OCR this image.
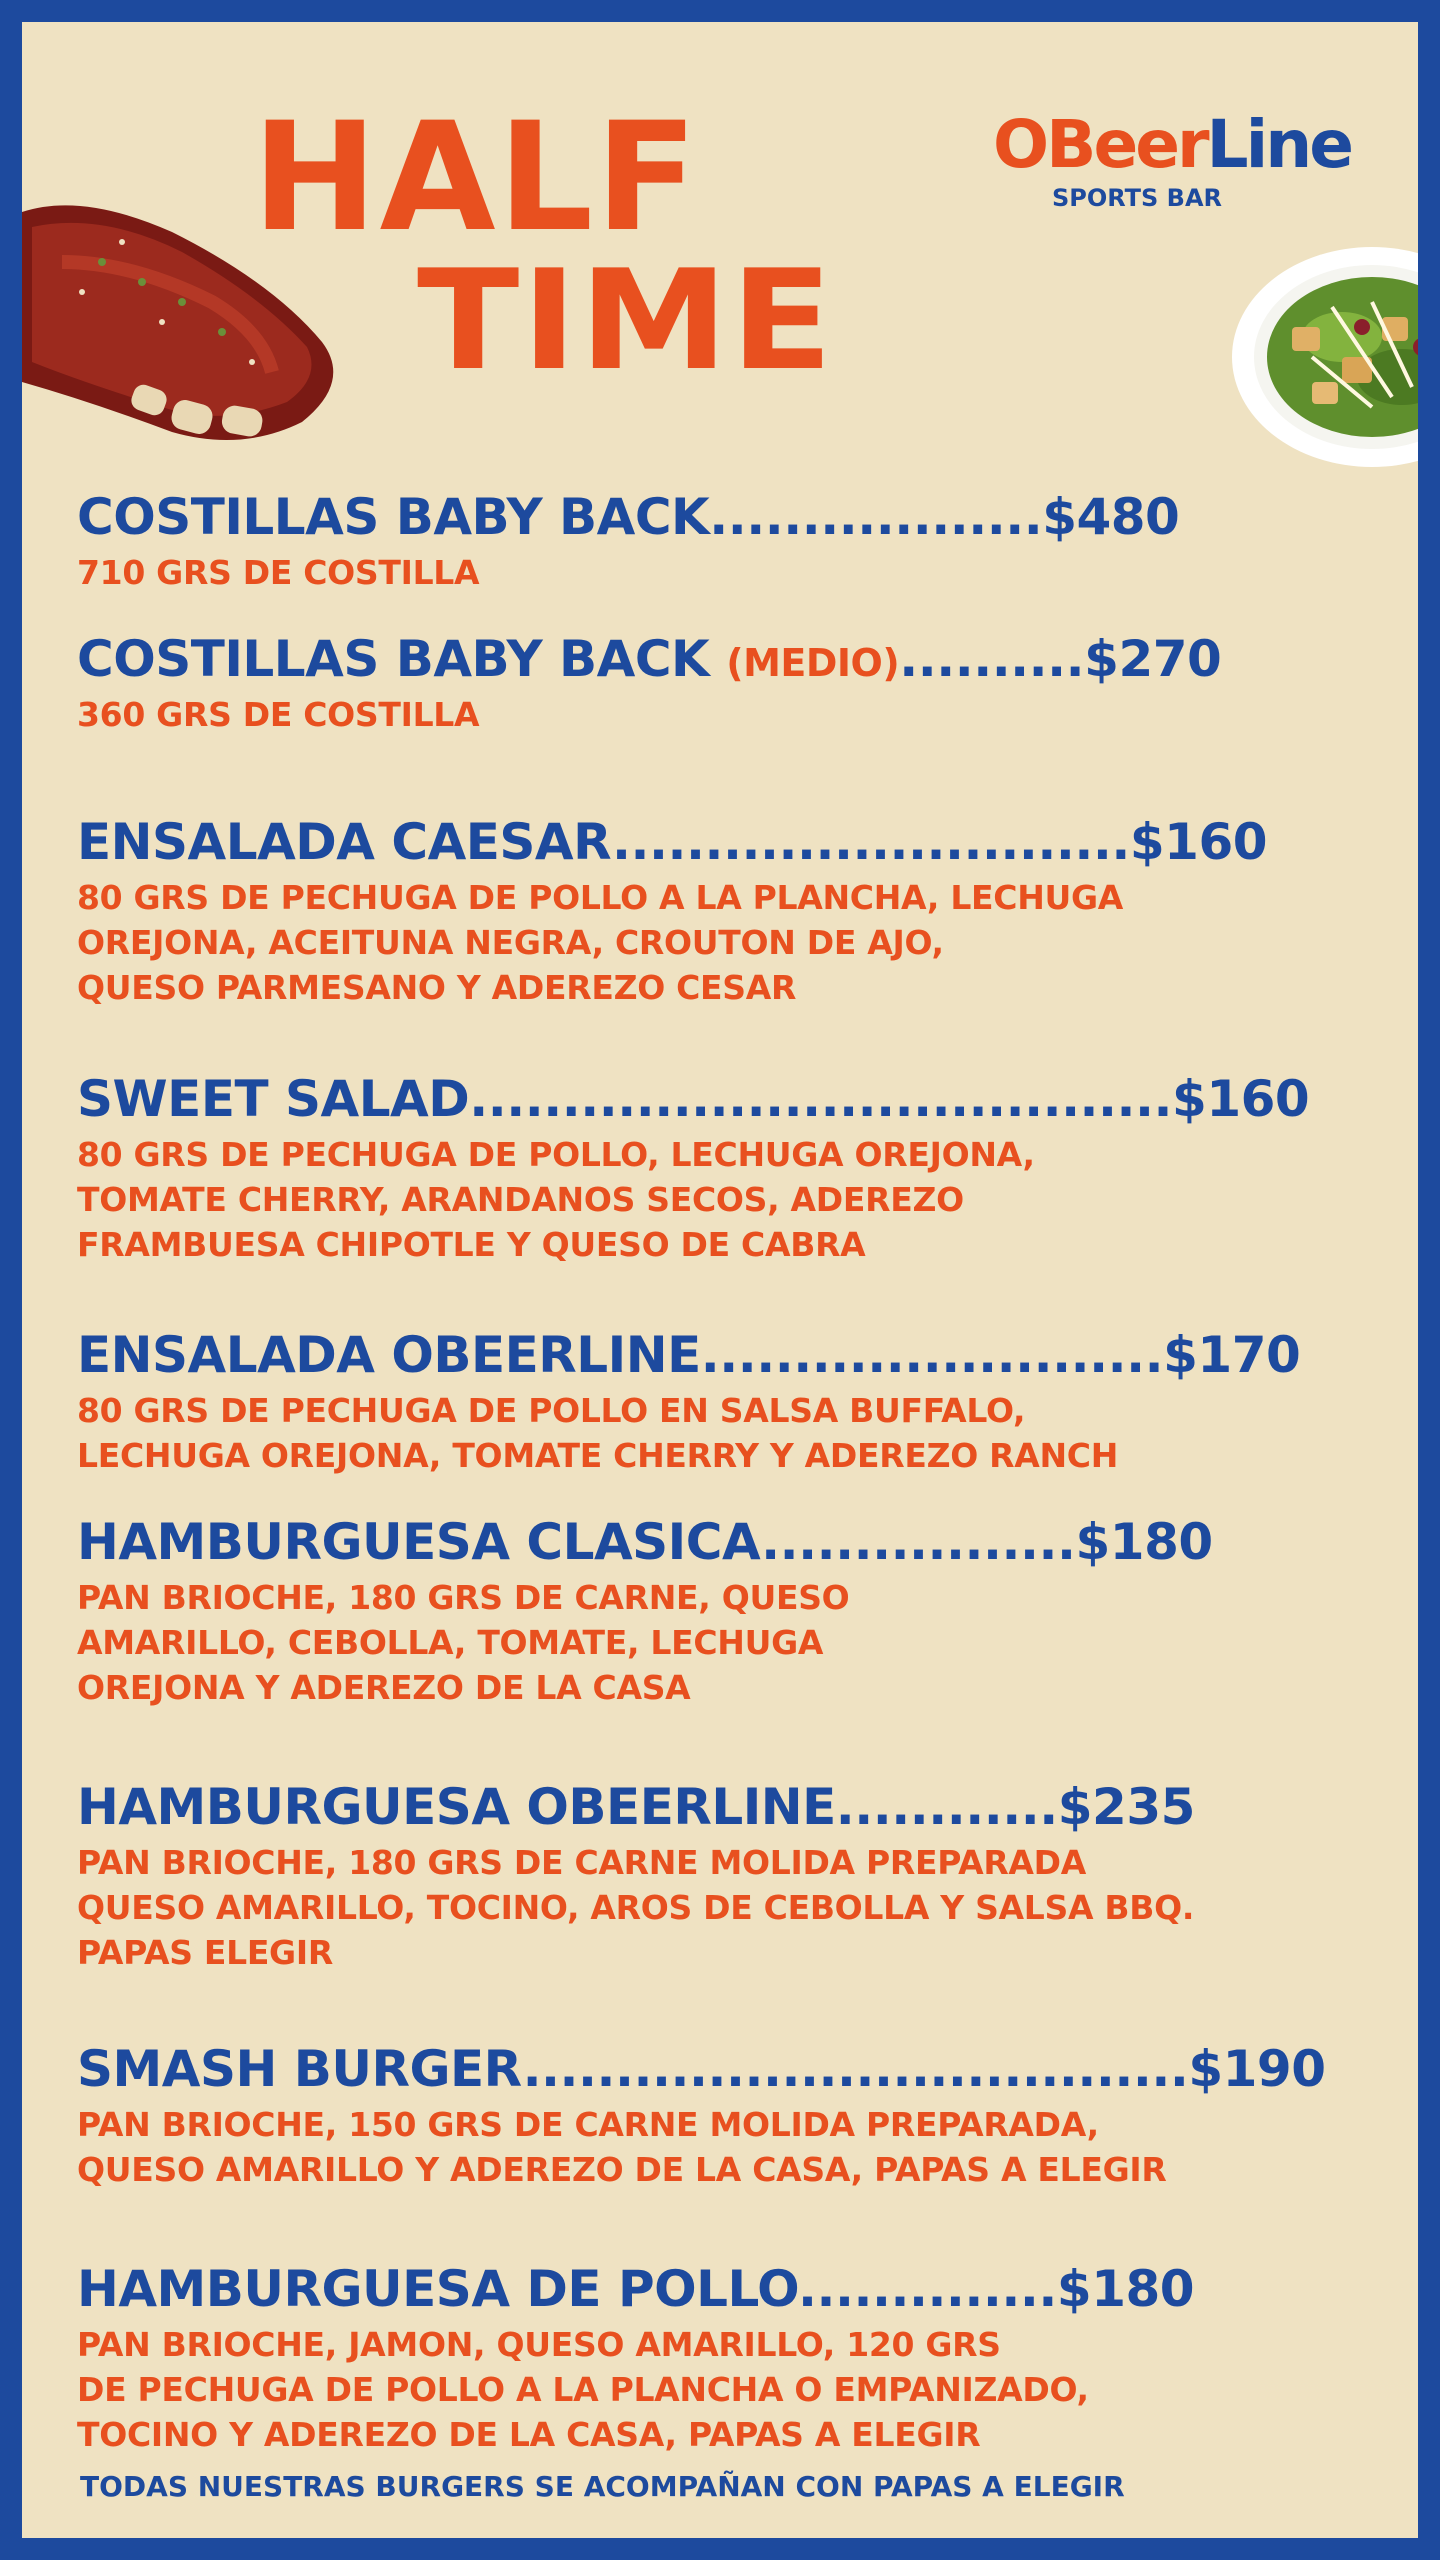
HALF
TIME
OBeerLine
SPORTS BAR
COSTILLAS BABY BACK..................$480
710 GRS DE COSTILLA
COSTILLAS BABY BACK (MEDIO)..........$270
360 GRS DE COSTILLA
ENSALADA CAESAR............................$160
80 GRS DE PECHUGA DE POLLO A LA PLANCHA, LECHUGA
OREJONA, ACEITUNA NEGRA, CROUTON DE AJO,
QUESO PARMESANO Y ADEREZO CESAR
SWEET SALAD......................................$160
80 GRS DE PECHUGA DE POLLO, LECHUGA OREJONA,
TOMATE CHERRY, ARANDANOS SECOS, ADEREZO
FRAMBUESA CHIPOTLE Y QUESO DE CABRA
ENSALADA OBEERLINE.........................$170
80 GRS DE PECHUGA DE POLLO EN SALSA BUFFALO,
LECHUGA OREJONA, TOMATE CHERRY Y ADEREZO RANCH
HAMBURGUESA CLASICA.................$180
PAN BRIOCHE, 180 GRS DE CARNE, QUESO
AMARILLO, CEBOLLA, TOMATE, LECHUGA
OREJONA Y ADEREZO DE LA CASA
HAMBURGUESA OBEERLINE............$235
PAN BRIOCHE, 180 GRS DE CARNE MOLIDA PREPARADA
QUESO AMARILLO, TOCINO, AROS DE CEBOLLA Y SALSA BBQ.
PAPAS ELEGIR
SMASH BURGER....................................$190
PAN BRIOCHE, 150 GRS DE CARNE MOLIDA PREPARADA,
QUESO AMARILLO Y ADEREZO DE LA CASA, PAPAS A ELEGIR
HAMBURGUESA DE POLLO..............$180
PAN BRIOCHE, JAMON, QUESO AMARILLO, 120 GRS
DE PECHUGA DE POLLO A LA PLANCHA O EMPANIZADO,
TOCINO Y ADEREZO DE LA CASA, PAPAS A ELEGIR
TODAS NUESTRAS BURGERS SE ACOMPAÑAN CON PAPAS A ELEGIR
